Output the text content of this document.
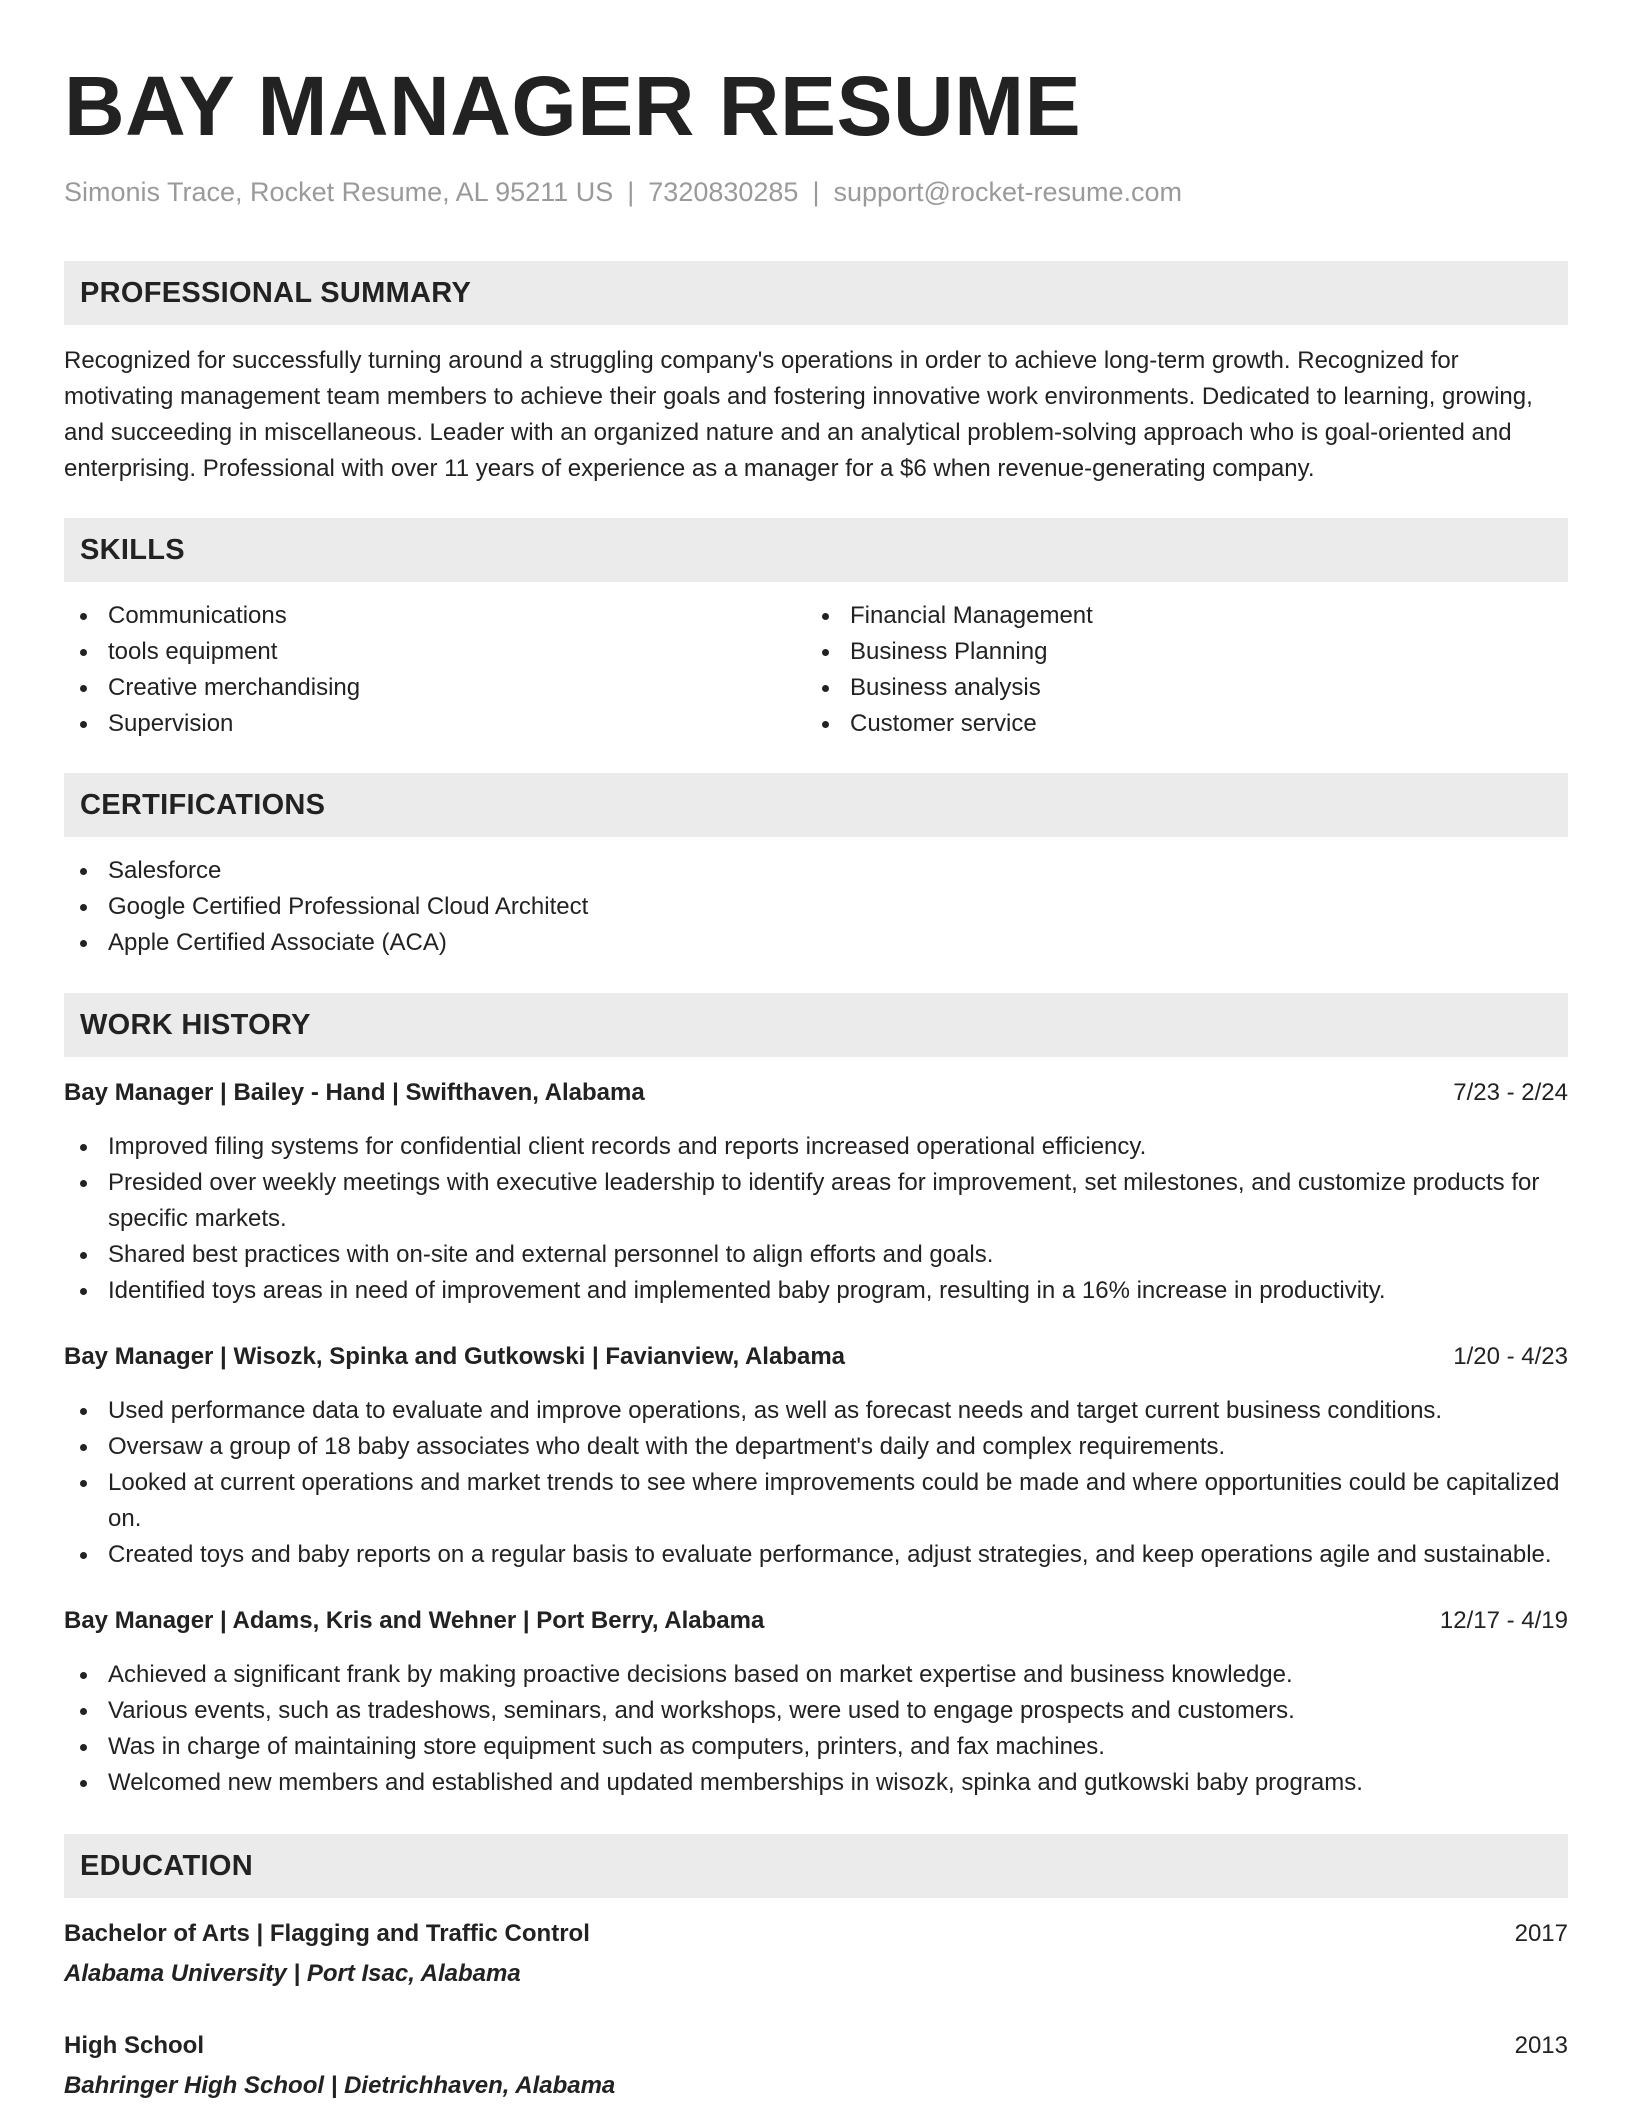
BAY MANAGER RESUME
Simonis Trace, Rocket Resume, AL 95211 US | 7320830285 | support@rocket-resume.com
PROFESSIONAL SUMMARY

Recognized for successfully turning around a struggling company's operations in order to achieve long-term growth. Recognized for motivating management team members to achieve their goals and fostering innovative work environments. Dedicated to learning, growing, and succeeding in miscellaneous. Leader with an organized nature and an analytical problem-solving approach who is goal-oriented and enterprising. Professional with over 11 years of experience as a manager for a $6 when revenue-generating company.

SKILLS
Communications
tools equipment
Creative merchandising
Supervision
Financial Management
Business Planning
Business analysis
Customer service
CERTIFICATIONS
Salesforce
Google Certified Professional Cloud Architect
Apple Certified Associate (ACA)
WORK HISTORY
Bay Manager | Bailey - Hand | Swifthaven, Alabama	7/23 - 2/24
Improved filing systems for confidential client records and reports increased operational efficiency.
Presided over weekly meetings with executive leadership to identify areas for improvement, set milestones, and customize products for specific markets.
Shared best practices with on-site and external personnel to align efforts and goals.
Identified toys areas in need of improvement and implemented baby program, resulting in a 16% increase in productivity.
Bay Manager | Wisozk, Spinka and Gutkowski | Favianview, Alabama	1/20 - 4/23
Used performance data to evaluate and improve operations, as well as forecast needs and target current business conditions.
Oversaw a group of 18 baby associates who dealt with the department's daily and complex requirements.
Looked at current operations and market trends to see where improvements could be made and where opportunities could be capitalized on.
Created toys and baby reports on a regular basis to evaluate performance, adjust strategies, and keep operations agile and sustainable.
Bay Manager | Adams, Kris and Wehner | Port Berry, Alabama	12/17 - 4/19
Achieved a significant frank by making proactive decisions based on market expertise and business knowledge.
Various events, such as tradeshows, seminars, and workshops, were used to engage prospects and customers.
Was in charge of maintaining store equipment such as computers, printers, and fax machines.
Welcomed new members and established and updated memberships in wisozk, spinka and gutkowski baby programs.
EDUCATION
Bachelor of Arts | Flagging and Traffic Control	2017
Alabama University | Port Isac, Alabama
High School	2013
Bahringer High School | Dietrichhaven, Alabama
